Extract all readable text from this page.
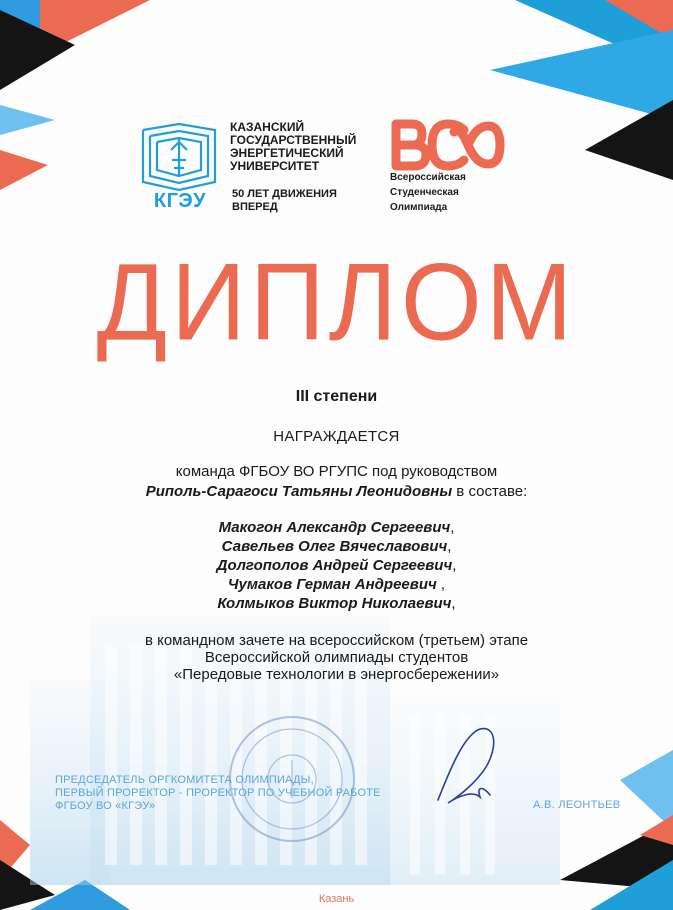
КГЭУ
КАЗАНСКИЙ
ГОСУДАРСТВЕННЫЙ
ЭНЕРГЕТИЧЕСКИЙ
УНИВЕРСИТЕТ
50 ЛЕТ ДВИЖЕНИЯ
ВПЕРЕД
Всероссийская
Студенческая
Олимпиада
ДИПЛОМ
III степени
НАГРАЖДАЕТСЯ
команда ФГБОУ ВО РГУПС под руководством
Риполь-Сарагоси Татьяны Леонидовны в составе:
Макогон Александр Сергеевич,
Савельев Олег Вячеславович,
Долгополов Андрей Сергеевич,
Чумаков Герман Андреевич ,
Колмыков Виктор Николаевич,
в командном зачете на всероссийском (третьем) этапе
Всероссийской олимпиады студентов
«Передовые технологии в энергосбережении»
ПРЕДСЕДАТЕЛЬ ОРГКОМИТЕТА ОЛИМПИАДЫ,
ПЕРВЫЙ ПРОРЕКТОР - ПРОРЕКТОР ПО УЧЕБНОЙ РАБОТЕ
ФГБОУ ВО «КГЭУ»	А.В. ЛЕОНТЬЕВ
Казань
